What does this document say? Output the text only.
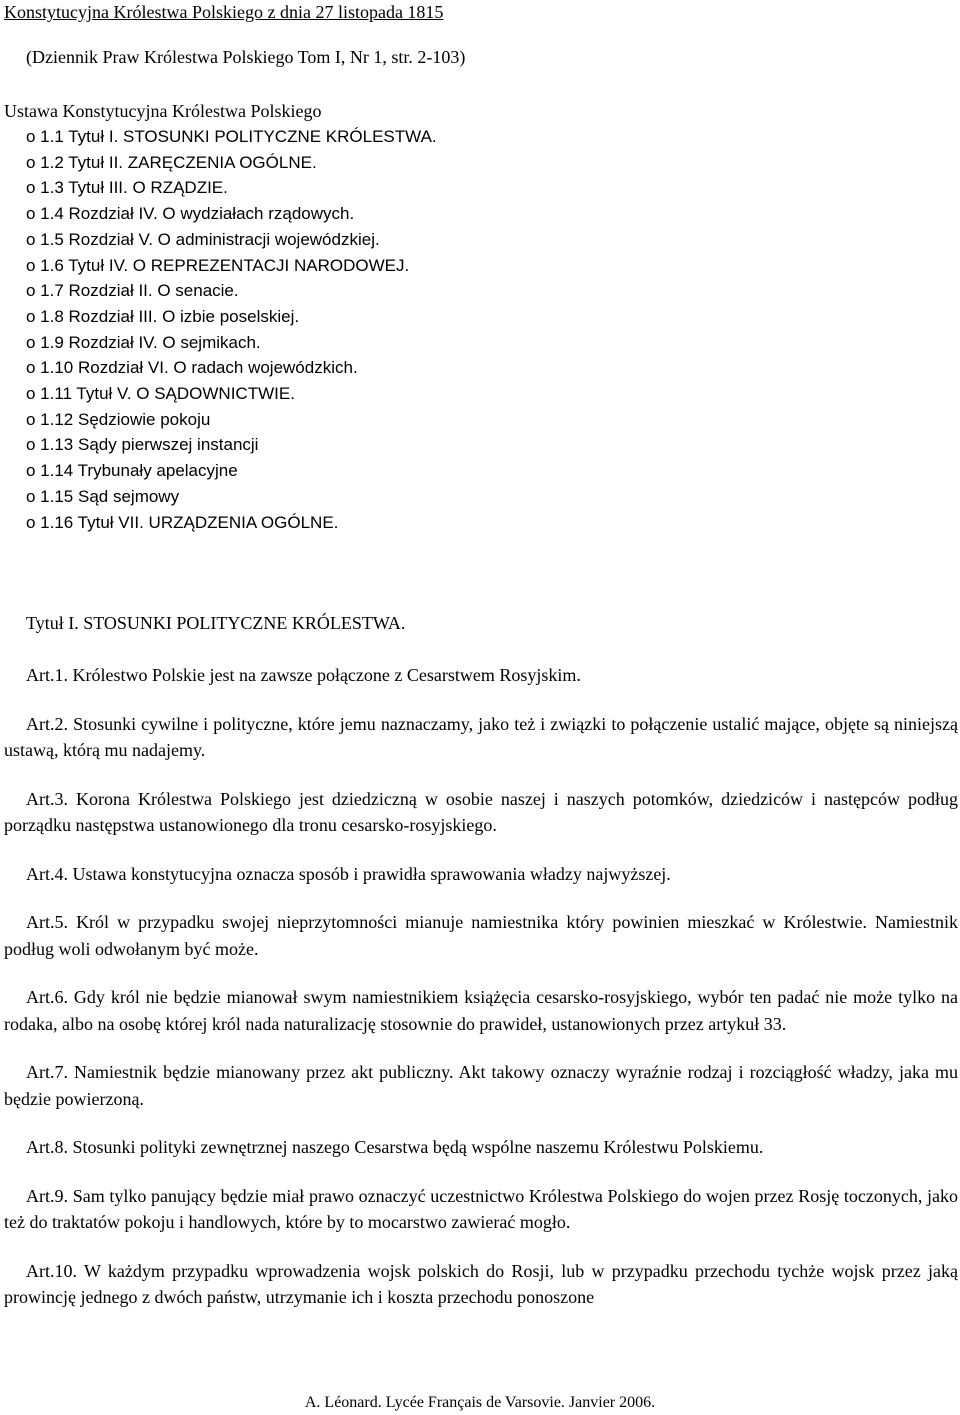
Konstytucyjna Królestwa Polskiego z dnia 27 listopada 1815
(Dziennik Praw Królestwa Polskiego Tom I, Nr 1, str. 2-103)
Ustawa Konstytucyjna Królestwa Polskiego
o 1.1 Tytuł I. STOSUNKI POLITYCZNE KRÓLESTWA.
o 1.2 Tytuł II. ZARĘCZENIA OGÓLNE.
o 1.3 Tytuł III. O RZĄDZIE.
o 1.4 Rozdział IV. O wydziałach rządowych.
o 1.5 Rozdział V. O administracji wojewódzkiej.
o 1.6 Tytuł IV. O REPREZENTACJI NARODOWEJ.
o 1.7 Rozdział II. O senacie.
o 1.8 Rozdział III. O izbie poselskiej.
o 1.9 Rozdział IV. O sejmikach.
o 1.10 Rozdział VI. O radach wojewódzkich.
o 1.11 Tytuł V. O SĄDOWNICTWIE.
o 1.12 Sędziowie pokoju
o 1.13 Sądy pierwszej instancji
o 1.14 Trybunały apelacyjne
o 1.15 Sąd sejmowy
o 1.16 Tytuł VII. URZĄDZENIA OGÓLNE.
Tytuł I. STOSUNKI POLITYCZNE KRÓLESTWA.

Art.1. Królestwo Polskie jest na zawsze połączone z Cesarstwem Rosyjskim.

Art.2. Stosunki cywilne i polityczne, które jemu naznaczamy, jako też i związki to połączenie ustalić mające, objęte są niniejszą ustawą, którą mu nadajemy.

Art.3. Korona Królestwa Polskiego jest dziedziczną w osobie naszej i naszych potomków, dziedziców i następców podług porządku następstwa ustanowionego dla tronu cesarsko-rosyjskiego.

Art.4. Ustawa konstytucyjna oznacza sposób i prawidła sprawowania władzy najwyższej.

Art.5. Król w przypadku swojej nieprzytomności mianuje namiestnika który powinien mieszkać w Królestwie. Namiestnik podług woli odwołanym być może.

Art.6. Gdy król nie będzie mianował swym namiestnikiem książęcia cesarsko-rosyjskiego, wybór ten padać nie może tylko na rodaka, albo na osobę której król nada naturalizację stosownie do prawideł, ustanowionych przez artykuł 33.

Art.7. Namiestnik będzie mianowany przez akt publiczny. Akt takowy oznaczy wyraźnie rodzaj i rozciągłość władzy, jaka mu będzie powierzoną.

Art.8. Stosunki polityki zewnętrznej naszego Cesarstwa będą wspólne naszemu Królestwu Polskiemu.

Art.9. Sam tylko panujący będzie miał prawo oznaczyć uczestnictwo Królestwa Polskiego do wojen przez Rosję toczonych, jako też do traktatów pokoju i handlowych, które by to mocarstwo zawierać mogło.

Art.10. W każdym przypadku wprowadzenia wojsk polskich do Rosji, lub w przypadku przechodu tychże wojsk przez jaką prowincję jednego z dwóch państw, utrzymanie ich i koszta przechodu ponoszone

A. Léonard. Lycée Français de Varsovie. Janvier 2006.
